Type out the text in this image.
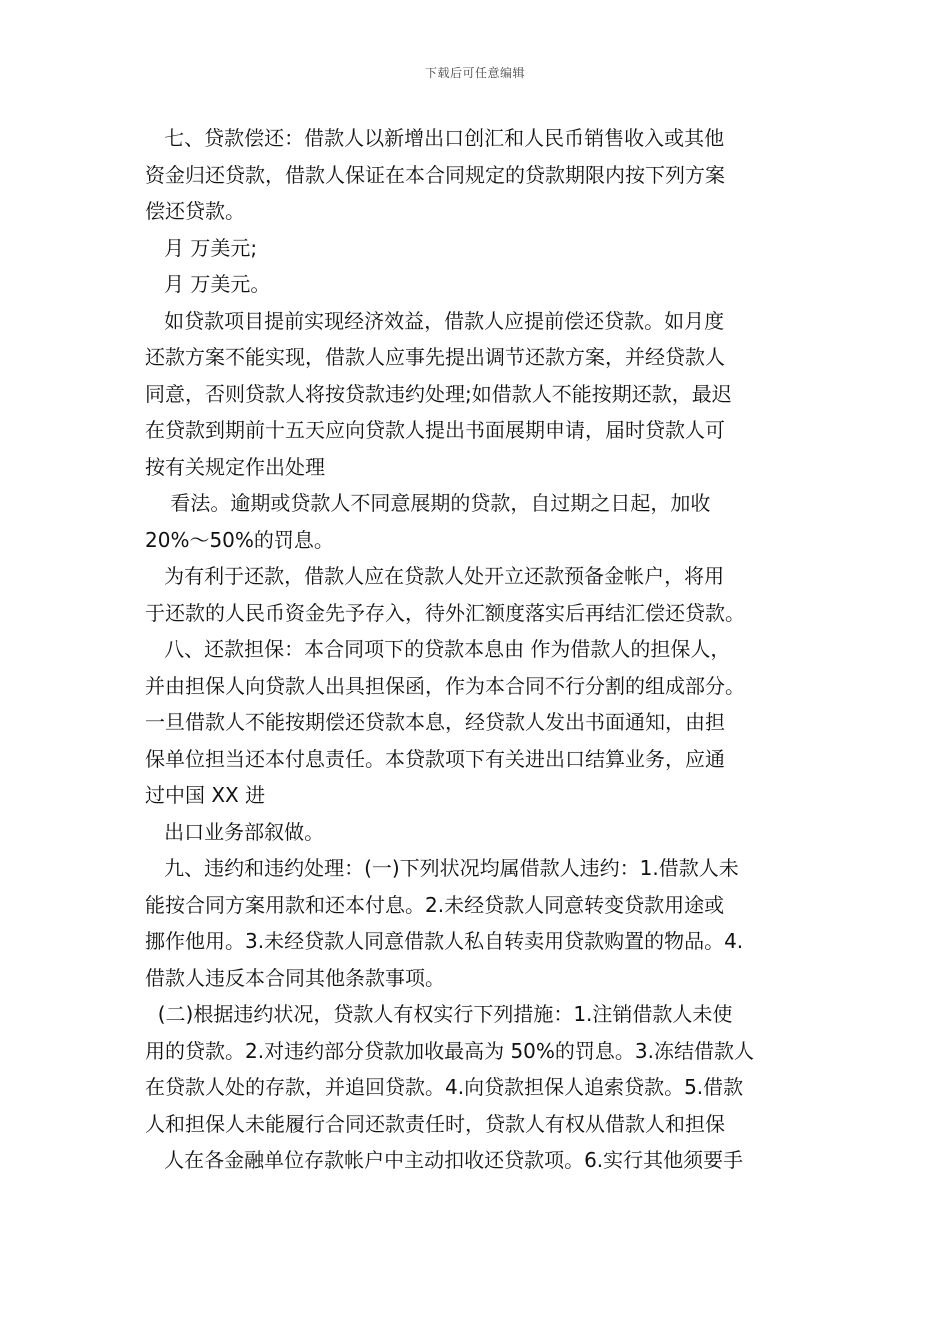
下载后可任意编辑
七、贷款偿还：借款人以新增出口创汇和人民币销售收入或其他
资金归还贷款，借款人保证在本合同规定的贷款期限内按下列方案
偿还贷款。
月 万美元;
月 万美元。
如贷款项目提前实现经济效益，借款人应提前偿还贷款。如月度
还款方案不能实现，借款人应事先提出调节还款方案，并经贷款人
同意，否则贷款人将按贷款违约处理;如借款人不能按期还款，最迟
在贷款到期前十五天应向贷款人提出书面展期申请，届时贷款人可
按有关规定作出处理
看法。逾期或贷款人不同意展期的贷款，自过期之日起，加收
20%～50%的罚息。
为有利于还款，借款人应在贷款人处开立还款预备金帐户，将用
于还款的人民币资金先予存入，待外汇额度落实后再结汇偿还贷款。
八、还款担保：本合同项下的贷款本息由 作为借款人的担保人，
并由担保人向贷款人出具担保函，作为本合同不行分割的组成部分。
一旦借款人不能按期偿还贷款本息，经贷款人发出书面通知，由担
保单位担当还本付息责任。本贷款项下有关进出口结算业务，应通
过中国 XX 进
出口业务部叙做。
九、违约和违约处理：(一)下列状况均属借款人违约：1.借款人未
能按合同方案用款和还本付息。2.未经贷款人同意转变贷款用途或
挪作他用。3.未经贷款人同意借款人私自转卖用贷款购置的物品。4.
借款人违反本合同其他条款事项。
(二)根据违约状况，贷款人有权实行下列措施：1.注销借款人未使
用的贷款。2.对违约部分贷款加收最高为 50%的罚息。3.冻结借款人
在贷款人处的存款，并追回贷款。4.向贷款担保人追索贷款。5.借款
人和担保人未能履行合同还款责任时，贷款人有权从借款人和担保
人在各金融单位存款帐户中主动扣收还贷款项。6.实行其他须要手
